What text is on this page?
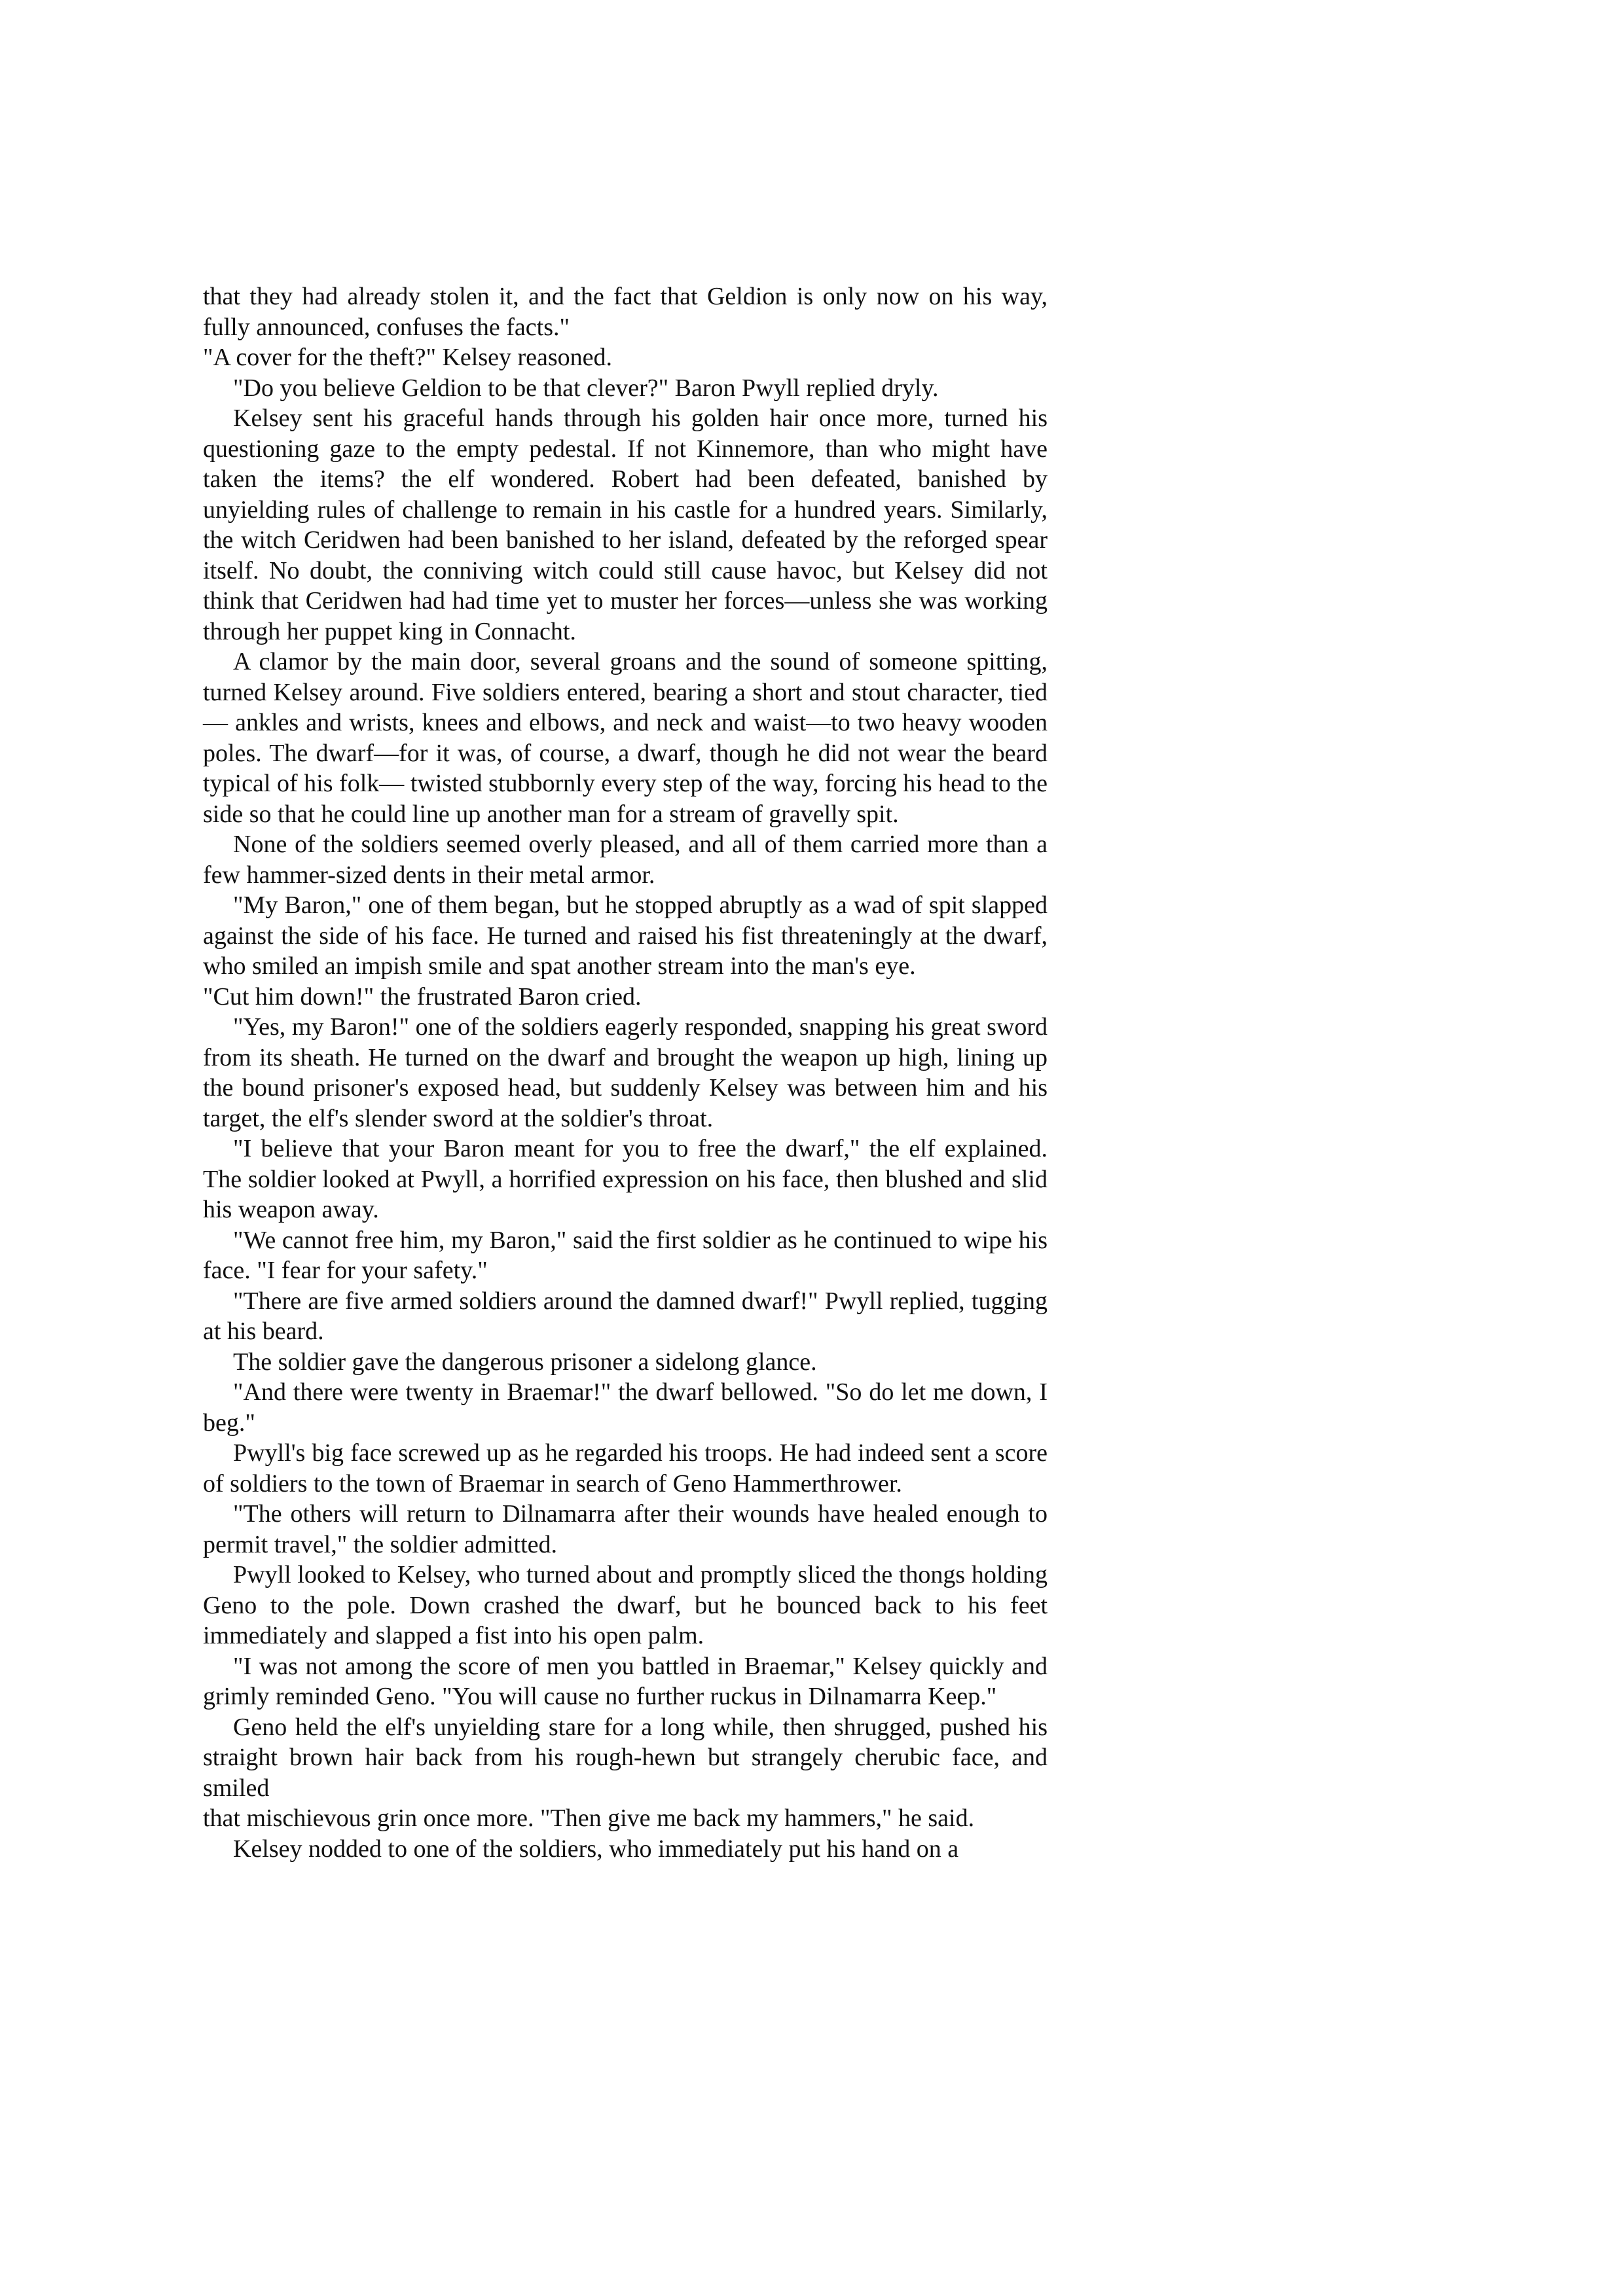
that they had already stolen it, and the fact that Geldion is only now on his way, fully announced, confuses the facts."

"A cover for the theft?" Kelsey reasoned.

"Do you believe Geldion to be that clever?" Baron Pwyll replied dryly.

Kelsey sent his graceful hands through his golden hair once more, turned his questioning gaze to the empty pedestal. If not Kinnemore, than who might have taken the items? the elf wondered. Robert had been defeated, banished by unyielding rules of challenge to remain in his castle for a hundred years. Similarly, the witch Ceridwen had been banished to her island, defeated by the reforged spear itself. No doubt, the conniving witch could still cause havoc, but Kelsey did not think that Ceridwen had had time yet to muster her forces—unless she was working through her puppet king in Connacht.

A clamor by the main door, several groans and the sound of someone spitting, turned Kelsey around. Five soldiers entered, bearing a short and stout character, tied— ankles and wrists, knees and elbows, and neck and waist—to two heavy wooden poles. The dwarf—for it was, of course, a dwarf, though he did not wear the beard typical of his folk— twisted stubbornly every step of the way, forcing his head to the side so that he could line up another man for a stream of gravelly spit.

None of the soldiers seemed overly pleased, and all of them carried more than a few hammer-sized dents in their metal armor.

"My Baron," one of them began, but he stopped abruptly as a wad of spit slapped against the side of his face. He turned and raised his fist threateningly at the dwarf, who smiled an impish smile and spat another stream into the man's eye.

"Cut him down!" the frustrated Baron cried.

"Yes, my Baron!" one of the soldiers eagerly responded, snapping his great sword from its sheath. He turned on the dwarf and brought the weapon up high, lining up the bound prisoner's exposed head, but suddenly Kelsey was between him and his target, the elf's slender sword at the soldier's throat.

"I believe that your Baron meant for you to free the dwarf," the elf explained. The soldier looked at Pwyll, a horrified expression on his face, then blushed and slid his weapon away.

"We cannot free him, my Baron," said the first soldier as he continued to wipe his face. "I fear for your safety."

"There are five armed soldiers around the damned dwarf!" Pwyll replied, tugging at his beard.

The soldier gave the dangerous prisoner a sidelong glance.

"And there were twenty in Braemar!" the dwarf bellowed. "So do let me down, I beg."

Pwyll's big face screwed up as he regarded his troops. He had indeed sent a score of soldiers to the town of Braemar in search of Geno Hammerthrower.

"The others will return to Dilnamarra after their wounds have healed enough to permit travel," the soldier admitted.

Pwyll looked to Kelsey, who turned about and promptly sliced the thongs holding Geno to the pole. Down crashed the dwarf, but he bounced back to his feet immediately and slapped a fist into his open palm.

"I was not among the score of men you battled in Braemar," Kelsey quickly and grimly reminded Geno. "You will cause no further ruckus in Dilnamarra Keep."

Geno held the elf's unyielding stare for a long while, then shrugged, pushed his straight brown hair back from his rough-hewn but strangely cherubic face, and smiled

that mischievous grin once more. "Then give me back my hammers," he said.

Kelsey nodded to one of the soldiers, who immediately put his hand on a
